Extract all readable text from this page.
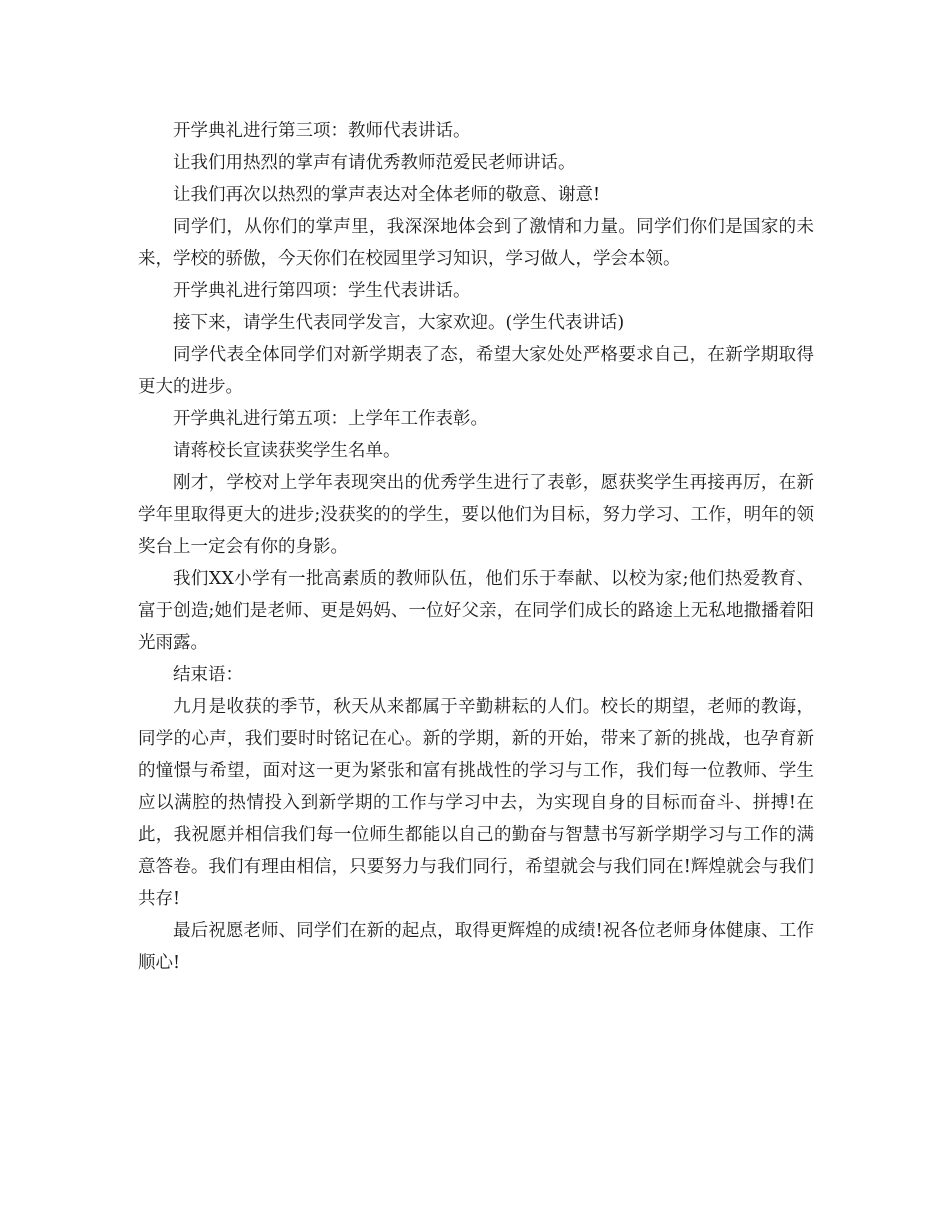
开学典礼进行第三项：教师代表讲话。

让我们用热烈的掌声有请优秀教师范爱民老师讲话。

让我们再次以热烈的掌声表达对全体老师的敬意、谢意!

同学们，从你们的掌声里，我深深地体会到了激情和力量。同学们你们是国家的未来，学校的骄傲，今天你们在校园里学习知识，学习做人，学会本领。

开学典礼进行第四项：学生代表讲话。

接下来，请学生代表同学发言，大家欢迎。(学生代表讲话)

同学代表全体同学们对新学期表了态，希望大家处处严格要求自己，在新学期取得更大的进步。

开学典礼进行第五项：上学年工作表彰。

请蒋校长宣读获奖学生名单。

刚才，学校对上学年表现突出的优秀学生进行了表彰，愿获奖学生再接再厉，在新学年里取得更大的进步;没获奖的的学生，要以他们为目标，努力学习、工作，明年的领奖台上一定会有你的身影。

我们XX小学有一批高素质的教师队伍，他们乐于奉献、以校为家;他们热爱教育、富于创造;她们是老师、更是妈妈、一位好父亲，在同学们成长的路途上无私地撒播着阳光雨露。

结束语：

九月是收获的季节，秋天从来都属于辛勤耕耘的人们。校长的期望，老师的教诲，同学的心声，我们要时时铭记在心。新的学期，新的开始，带来了新的挑战，也孕育新的憧憬与希望，面对这一更为紧张和富有挑战性的学习与工作，我们每一位教师、学生应以满腔的热情投入到新学期的工作与学习中去，为实现自身的目标而奋斗、拼搏!在此，我祝愿并相信我们每一位师生都能以自己的勤奋与智慧书写新学期学习与工作的满意答卷。我们有理由相信，只要努力与我们同行，希望就会与我们同在!辉煌就会与我们共存!

最后祝愿老师、同学们在新的起点，取得更辉煌的成绩!祝各位老师身体健康、工作顺心!
